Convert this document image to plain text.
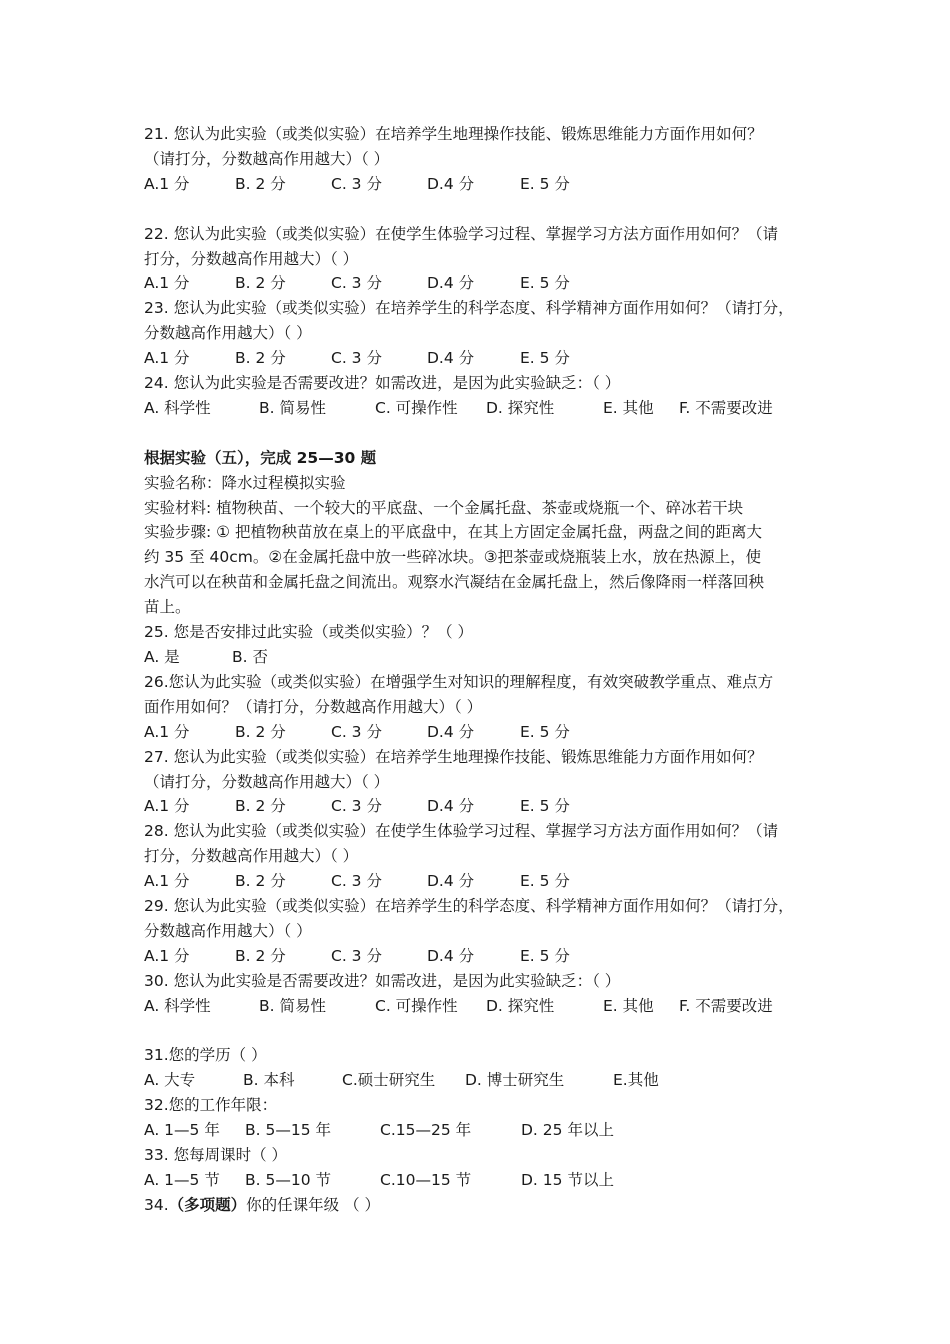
21. 您认为此实验（或类似实验）在培养学生地理操作技能、锻炼思维能力方面作用如何？
（请打分，分数越高作用越大）（ ）
A.1 分	B. 2 分	C. 3 分	D.4 分	E. 5 分
22. 您认为此实验（或类似实验）在使学生体验学习过程、掌握学习方法方面作用如何？（请
打分，分数越高作用越大）（ ）
A.1 分	B. 2 分	C. 3 分	D.4 分	E. 5 分
23. 您认为此实验（或类似实验）在培养学生的科学态度、科学精神方面作用如何？（请打分，
分数越高作用越大）（ ）
A.1 分	B. 2 分	C. 3 分	D.4 分	E. 5 分
24. 您认为此实验是否需要改进？如需改进，是因为此实验缺乏：（ ）
A. 科学性	B. 简易性	C. 可操作性	D. 探究性	E. 其他	F. 不需要改进
根据实验（五），完成 25—30 题
实验名称：降水过程模拟实验
实验材料: 植物秧苗、一个较大的平底盘、一个金属托盘、茶壶或烧瓶一个、碎冰若干块
实验步骤: ① 把植物秧苗放在桌上的平底盘中，在其上方固定金属托盘，两盘之间的距离大
约 35 至 40cm。②在金属托盘中放一些碎冰块。③把茶壶或烧瓶装上水，放在热源上，使
水汽可以在秧苗和金属托盘之间流出。观察水汽凝结在金属托盘上，然后像降雨一样落回秧
苗上。
25. 您是否安排过此实验（或类似实验）？（ ）
A. 是	B. 否
26.您认为此实验（或类似实验）在增强学生对知识的理解程度，有效突破教学重点、难点方
面作用如何？（请打分，分数越高作用越大）（ ）
A.1 分	B. 2 分	C. 3 分	D.4 分	E. 5 分
27. 您认为此实验（或类似实验）在培养学生地理操作技能、锻炼思维能力方面作用如何？
（请打分，分数越高作用越大）（ ）
A.1 分	B. 2 分	C. 3 分	D.4 分	E. 5 分
28. 您认为此实验（或类似实验）在使学生体验学习过程、掌握学习方法方面作用如何？（请
打分，分数越高作用越大）（ ）
A.1 分	B. 2 分	C. 3 分	D.4 分	E. 5 分
29. 您认为此实验（或类似实验）在培养学生的科学态度、科学精神方面作用如何？（请打分，
分数越高作用越大）（ ）
A.1 分	B. 2 分	C. 3 分	D.4 分	E. 5 分
30. 您认为此实验是否需要改进？如需改进，是因为此实验缺乏：（ ）
A. 科学性	B. 简易性	C. 可操作性	D. 探究性	E. 其他	F. 不需要改进
31.您的学历（ ）
A. 大专	B. 本科	C.硕士研究生	D. 博士研究生	E.其他
32.您的工作年限：
A. 1—5 年	B. 5—15 年	C.15—25 年	D. 25 年以上
33. 您每周课时（ ）
A. 1—5 节	B. 5—10 节	C.10—15 节	D. 15 节以上
34.（多项题）你的任课年级 （ ）
